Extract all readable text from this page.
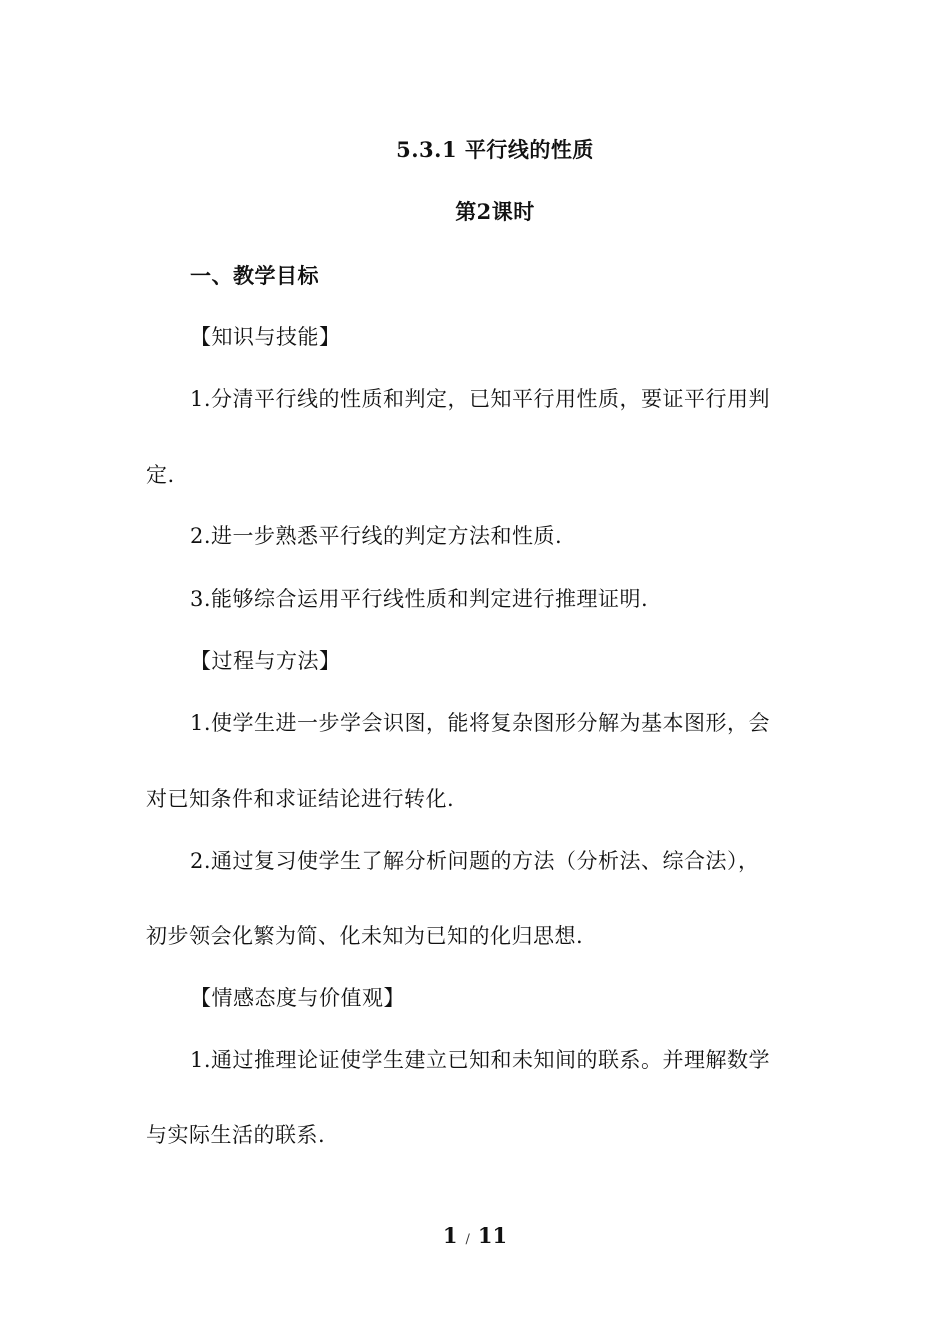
5.3.1 平行线的性质
第2课时
一、教学目标
【知识与技能】
1.分清平行线的性质和判定，已知平行用性质，要证平行用判
定.
2.进一步熟悉平行线的判定方法和性质.
3.能够综合运用平行线性质和判定进行推理证明.
【过程与方法】
1.使学生进一步学会识图，能将复杂图形分解为基本图形，会
对已知条件和求证结论进行转化.
2.通过复习使学生了解分析问题的方法（分析法、综合法），
初步领会化繁为简、化未知为已知的化归思想.
【情感态度与价值观】
1.通过推理论证使学生建立已知和未知间的联系。并理解数学
与实际生活的联系.
1 / 11
